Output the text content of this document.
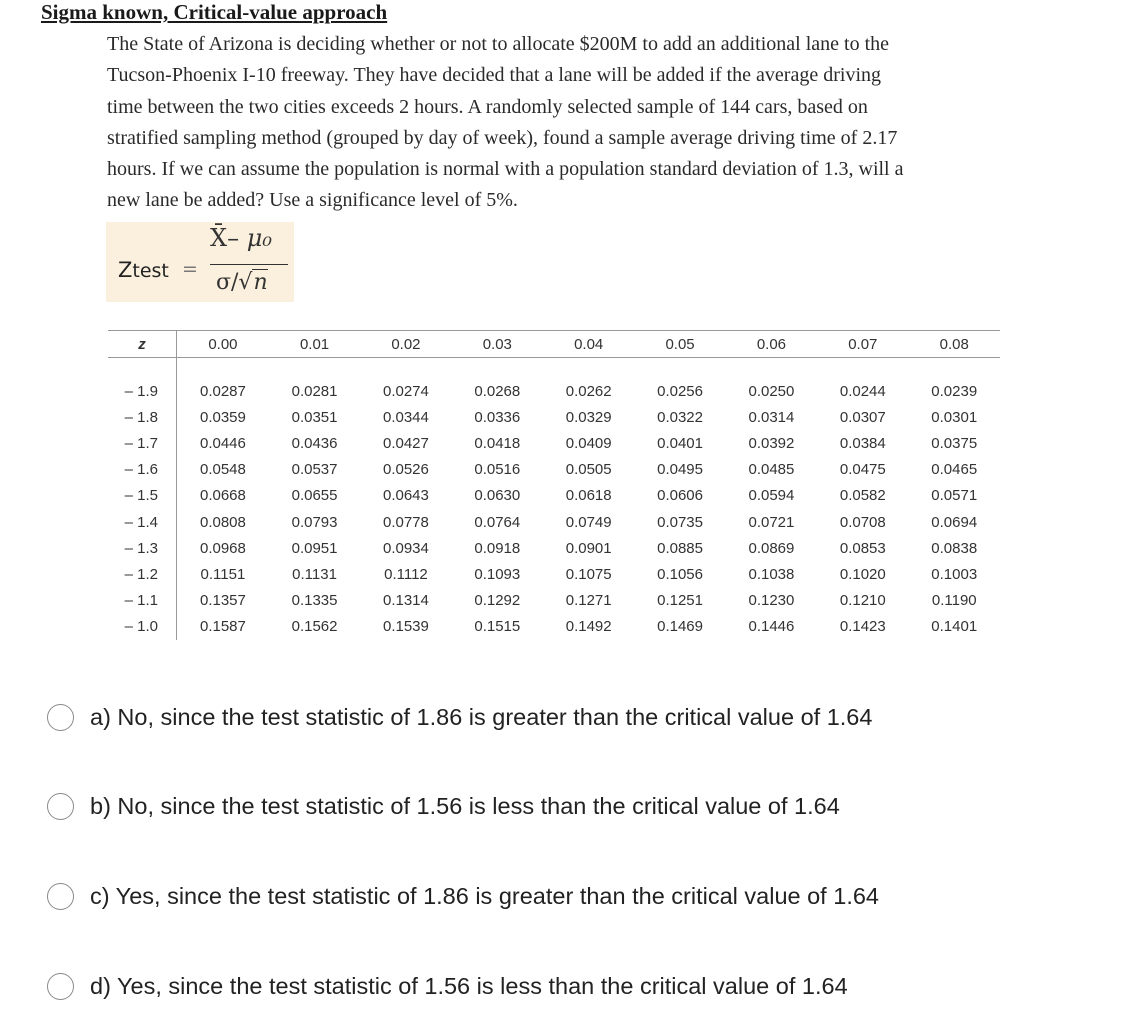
Sigma known, Critical-value approach
The State of Arizona is deciding whether or not to allocate $200M to add an additional lane to the
Tucson-Phoenix I-10 freeway. They have decided that a lane will be added if the average driving
time between the two cities exceeds 2 hours. A randomly selected sample of 144 cars, based on
stratified sampling method (grouped by day of week), found a sample average driving time of 2.17
hours. If we can assume the population is normal with a population standard deviation of 1.3, will a
new lane be added? Use a significance level of 5%.
Ztest =
X̄– μ₀
σ/√n
z	0.00	0.01	0.02	0.03	0.04	0.05	0.06	0.07	0.08

– 1.9	0.0287	0.0281	0.0274	0.0268	0.0262	0.0256	0.0250	0.0244	0.0239
– 1.8	0.0359	0.0351	0.0344	0.0336	0.0329	0.0322	0.0314	0.0307	0.0301
– 1.7	0.0446	0.0436	0.0427	0.0418	0.0409	0.0401	0.0392	0.0384	0.0375
– 1.6	0.0548	0.0537	0.0526	0.0516	0.0505	0.0495	0.0485	0.0475	0.0465
– 1.5	0.0668	0.0655	0.0643	0.0630	0.0618	0.0606	0.0594	0.0582	0.0571
– 1.4	0.0808	0.0793	0.0778	0.0764	0.0749	0.0735	0.0721	0.0708	0.0694
– 1.3	0.0968	0.0951	0.0934	0.0918	0.0901	0.0885	0.0869	0.0853	0.0838
– 1.2	0.1151	0.1131	0.1112	0.1093	0.1075	0.1056	0.1038	0.1020	0.1003
– 1.1	0.1357	0.1335	0.1314	0.1292	0.1271	0.1251	0.1230	0.1210	0.1190
– 1.0	0.1587	0.1562	0.1539	0.1515	0.1492	0.1469	0.1446	0.1423	0.1401
a) No, since the test statistic of 1.86 is greater than the critical value of 1.64
b) No, since the test statistic of 1.56 is less than the critical value of 1.64
c) Yes, since the test statistic of 1.86 is greater than the critical value of 1.64
d) Yes, since the test statistic of 1.56 is less than the critical value of 1.64
